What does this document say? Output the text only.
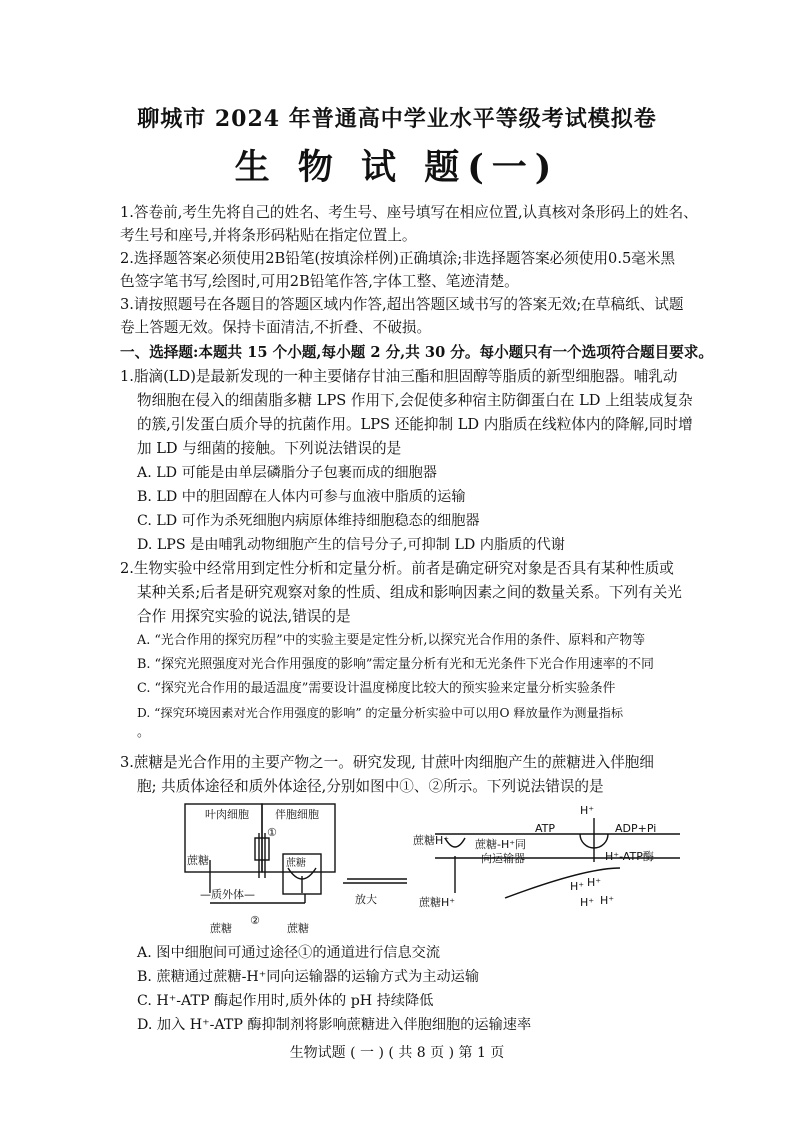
聊城市 2024 年普通高中学业水平等级考试模拟卷
生 物 试 题(一)
1.答卷前,考生先将自己的姓名、考生号、座号填写在相应位置,认真核对条形码上的姓名、
考生号和座号,并将条形码粘贴在指定位置上。
2.选择题答案必须使用2B铅笔(按填涂样例)正确填涂;非选择题答案必须使用0.5毫米黑
色签字笔书写,绘图时,可用2B铅笔作答,字体工整、笔迹清楚。
3.请按照题号在各题目的答题区域内作答,超出答题区域书写的答案无效;在草稿纸、试题
卷上答题无效。保持卡面清洁,不折叠、不破损。
一、选择题:本题共 15 个小题,每小题 2 分,共 30 分。每小题只有一个选项符合题目要求。
1.脂滴(LD)是最新发现的一种主要储存甘油三酯和胆固醇等脂质的新型细胞器。哺乳动
物细胞在侵入的细菌脂多糖 LPS 作用下,会促使多种宿主防御蛋白在 LD 上组装成复杂
的簇,引发蛋白质介导的抗菌作用。LPS 还能抑制 LD 内脂质在线粒体内的降解,同时增
加 LD 与细菌的接触。下列说法错误的是
A. LD 可能是由单层磷脂分子包裹而成的细胞器
B. LD 中的胆固醇在人体内可参与血液中脂质的运输
C. LD 可作为杀死细胞内病原体维持细胞稳态的细胞器
D. LPS 是由哺乳动物细胞产生的信号分子,可抑制 LD 内脂质的代谢
2.生物实验中经常用到定性分析和定量分析。前者是确定研究对象是否具有某种性质或
某种关系;后者是研究观察对象的性质、组成和影响因素之间的数量关系。下列有关光
合作 用探究实验的说法,错误的是
A. “光合作用的探究历程”中的实验主要是定性分析,以探究光合作用的条件、原料和产物等
B. “探究光照强度对光合作用强度的影响”需定量分析有光和无光条件下光合作用速率的不同
C. “探究光合作用的最适温度”需要设计温度梯度比较大的预实验来定量分析实验条件
D. “探究环境因素对光合作用强度的影响” 的定量分析实验中可以用O 释放量作为测量指标
。
3.蔗糖是光合作用的主要产物之一。研究发现, 甘蔗叶肉细胞产生的蔗糖进入伴胞细
胞; 共质体途径和质外体途径,分别如图中①、②所示。下列说法错误的是
叶肉细胞 伴胞细胞
①
蔗糖	蔗糖
—质外体—
②
蔗糖	蔗糖
放大
蔗糖H⁺ 蔗糖-H⁺同
向运输器
蔗糖H⁺
ATP
H⁺
ADP+Pi
H⁺-ATP酶
H⁺ H⁺
H⁺ H⁺
A. 图中细胞间可通过途径①的通道进行信息交流
B. 蔗糖通过蔗糖-H⁺同向运输器的运输方式为主动运输
C. H⁺-ATP 酶起作用时,质外体的 pH 持续降低
D. 加入 H⁺-ATP 酶抑制剂将影响蔗糖进入伴胞细胞的运输速率
生物试题 ( 一 ) ( 共 8 页 ) 第 1 页
